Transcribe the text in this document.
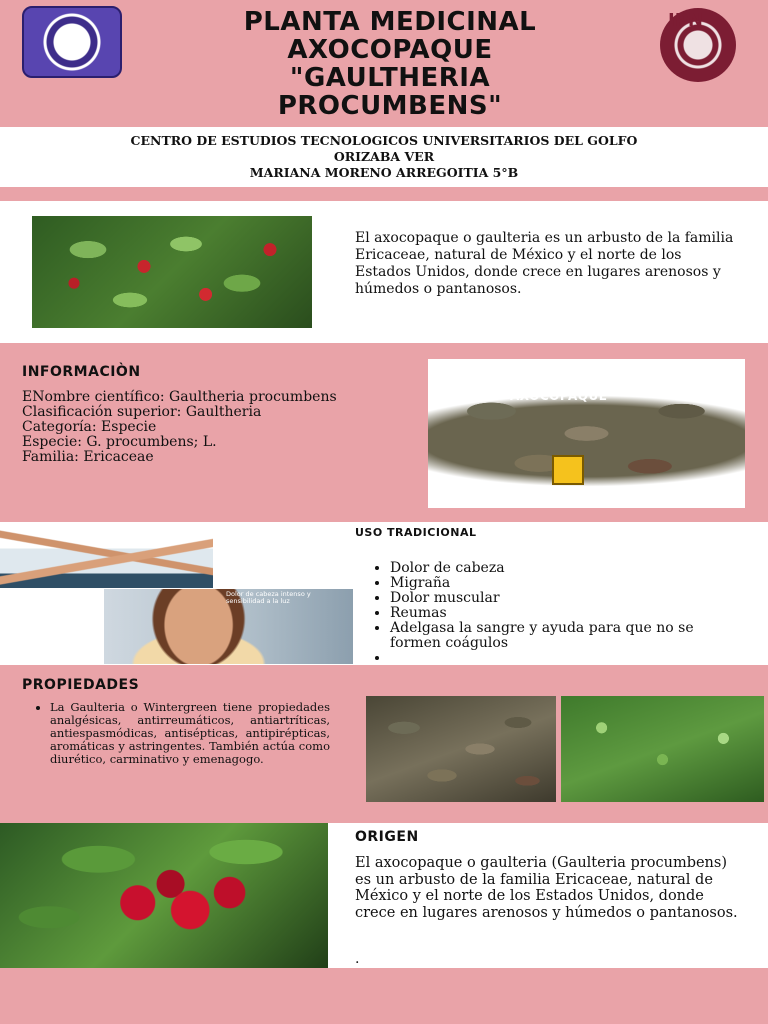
PLANTA MEDICINAL
AXOCOPAQUE
"GAULTHERIA
PROCUMBENS"
IPN
CENTRO DE ESTUDIOS TECNOLOGICOS UNIVERSITARIOS DEL GOLFO
ORIZABA VER
MARIANA MORENO ARREGOITIA 5°B
El axocopaque o gaulteria es un arbusto de la familia Ericaceae, natural de México y el norte de los Estados Unidos, donde crece en lugares arenosos y húmedos o pantanosos.
INFORMACIÒN
ENombre científico: Gaultheria procumbens
Clasificación superior: Gaultheria
Categoría: Especie
Especie: G. procumbens; L.
Familia: Ericaceae
AXOCOPAQUE
Dolor de cabeza intenso y sensibilidad a la luz
USO TRADICIONAL
• Dolor de cabeza
• Migraña
• Dolor muscular
• Reumas
• Adelgasa la sangre y ayuda para que no se formen coágulos
•
PROPIEDADES
• La Gaulteria o Wintergreen tiene propiedades analgésicas, antirreumáticos, antiartríticas, antiespasmódicas, antisépticas, antipirépticas, aromáticas y astringentes. También actúa como diurético, carminativo y emenagogo.
ORIGEN
El axocopaque o gaulteria (Gaulteria procumbens) es un arbusto de la familia Ericaceae, natural de México y el norte de los Estados Unidos, donde crece en lugares arenosos y húmedos o pantanosos.
.
